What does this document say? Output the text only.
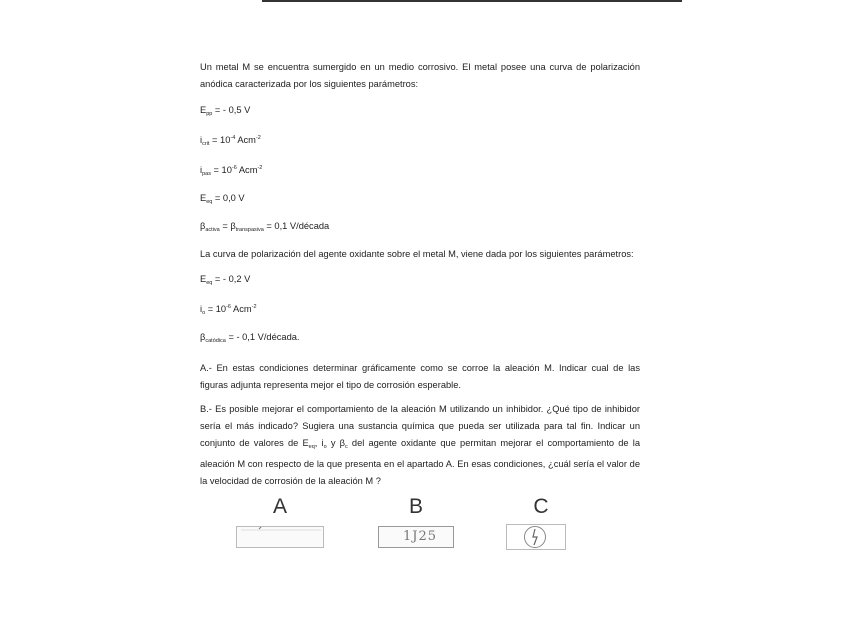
Un metal M se encuentra sumergido en un medio corrosivo. El metal posee una curva de polarización anódica caracterizada por los siguientes parámetros:

$E_{pp}$ = - 0,5 V

$i_{crit} = 10^{-4}$ Acm$^{-2}$

$i_{pas} = 10^{-6}$ Acm$^{-2}$

$E_{eq} = 0,0$ V

$\beta_{activa} = \beta_{transpasiva} = 0,1$ V/década

La curva de polarización del agente oxidante sobre el metal M, viene dada por los siguientes parámetros:

$E_{eq}$ = - 0,2 V

$i_o = 10^{-6}$ Acm$^{-2}$

$\beta_{catódica}$ = - 0,1 V/década.

A.- En estas condiciones determinar gráficamente como se corroe la aleación M. Indicar cual de las figuras adjunta representa mejor el tipo de corrosión esperable.

B.- Es posible mejorar el comportamiento de la aleación M utilizando un inhibidor. ¿Qué tipo de inhibidor sería el más indicado? Sugiera una sustancia química que pueda ser utilizada para tal fin. Indicar un conjunto de valores de $E_{eq}$, $i_o$ y $\beta_c$ del agente oxidante que permitan mejorar el comportamiento de la aleación M con respecto de la que presenta en el apartado A. En esas condiciones, ¿cuál sería el valor de la velocidad de corrosión de la aleación M ?

A	B
1J25
C
